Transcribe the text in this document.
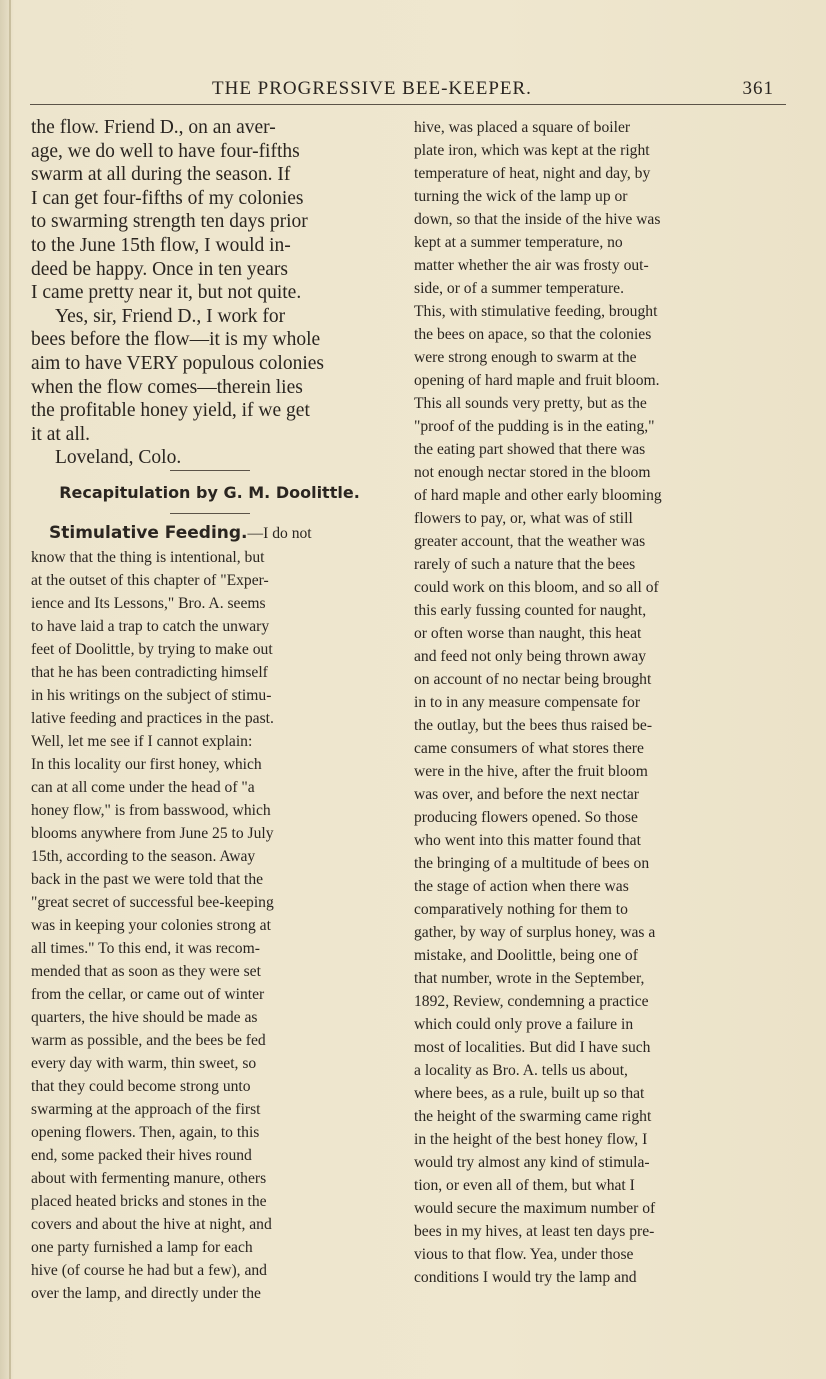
THE PROGRESSIVE BEE-KEEPER.	361
the flow. Friend D., on an aver-
age, we do well to have four-fifths
swarm at all during the season. If
I can get four-fifths of my colonies
to swarming strength ten days prior
to the June 15th flow, I would in-
deed be happy. Once in ten years
I came pretty near it, but not quite.
Yes, sir, Friend D., I work for
bees before the flow—it is my whole
aim to have VERY populous colonies
when the flow comes—therein lies
the profitable honey yield, if we get
it at all.
Loveland, Colo.
Recapitulation by G. M. Doolittle.
Stimulative Feeding.—I do not
know that the thing is intentional, but
at the outset of this chapter of "Exper-
ience and Its Lessons," Bro. A. seems
to have laid a trap to catch the unwary
feet of Doolittle, by trying to make out
that he has been contradicting himself
in his writings on the subject of stimu-
lative feeding and practices in the past.
Well, let me see if I cannot explain:
In this locality our first honey, which
can at all come under the head of "a
honey flow," is from basswood, which
blooms anywhere from June 25 to July
15th, according to the season. Away
back in the past we were told that the
"great secret of successful bee-keeping
was in keeping your colonies strong at
all times." To this end, it was recom-
mended that as soon as they were set
from the cellar, or came out of winter
quarters, the hive should be made as
warm as possible, and the bees be fed
every day with warm, thin sweet, so
that they could become strong unto
swarming at the approach of the first
opening flowers. Then, again, to this
end, some packed their hives round
about with fermenting manure, others
placed heated bricks and stones in the
covers and about the hive at night, and
one party furnished a lamp for each
hive (of course he had but a few), and
over the lamp, and directly under the
hive, was placed a square of boiler
plate iron, which was kept at the right
temperature of heat, night and day, by
turning the wick of the lamp up or
down, so that the inside of the hive was
kept at a summer temperature, no
matter whether the air was frosty out-
side, or of a summer temperature.
This, with stimulative feeding, brought
the bees on apace, so that the colonies
were strong enough to swarm at the
opening of hard maple and fruit bloom.
This all sounds very pretty, but as the
"proof of the pudding is in the eating,"
the eating part showed that there was
not enough nectar stored in the bloom
of hard maple and other early blooming
flowers to pay, or, what was of still
greater account, that the weather was
rarely of such a nature that the bees
could work on this bloom, and so all of
this early fussing counted for naught,
or often worse than naught, this heat
and feed not only being thrown away
on account of no nectar being brought
in to in any measure compensate for
the outlay, but the bees thus raised be-
came consumers of what stores there
were in the hive, after the fruit bloom
was over, and before the next nectar
producing flowers opened. So those
who went into this matter found that
the bringing of a multitude of bees on
the stage of action when there was
comparatively nothing for them to
gather, by way of surplus honey, was a
mistake, and Doolittle, being one of
that number, wrote in the September,
1892, Review, condemning a practice
which could only prove a failure in
most of localities. But did I have such
a locality as Bro. A. tells us about,
where bees, as a rule, built up so that
the height of the swarming came right
in the height of the best honey flow, I
would try almost any kind of stimula-
tion, or even all of them, but what I
would secure the maximum number of
bees in my hives, at least ten days pre-
vious to that flow. Yea, under those
conditions I would try the lamp and
